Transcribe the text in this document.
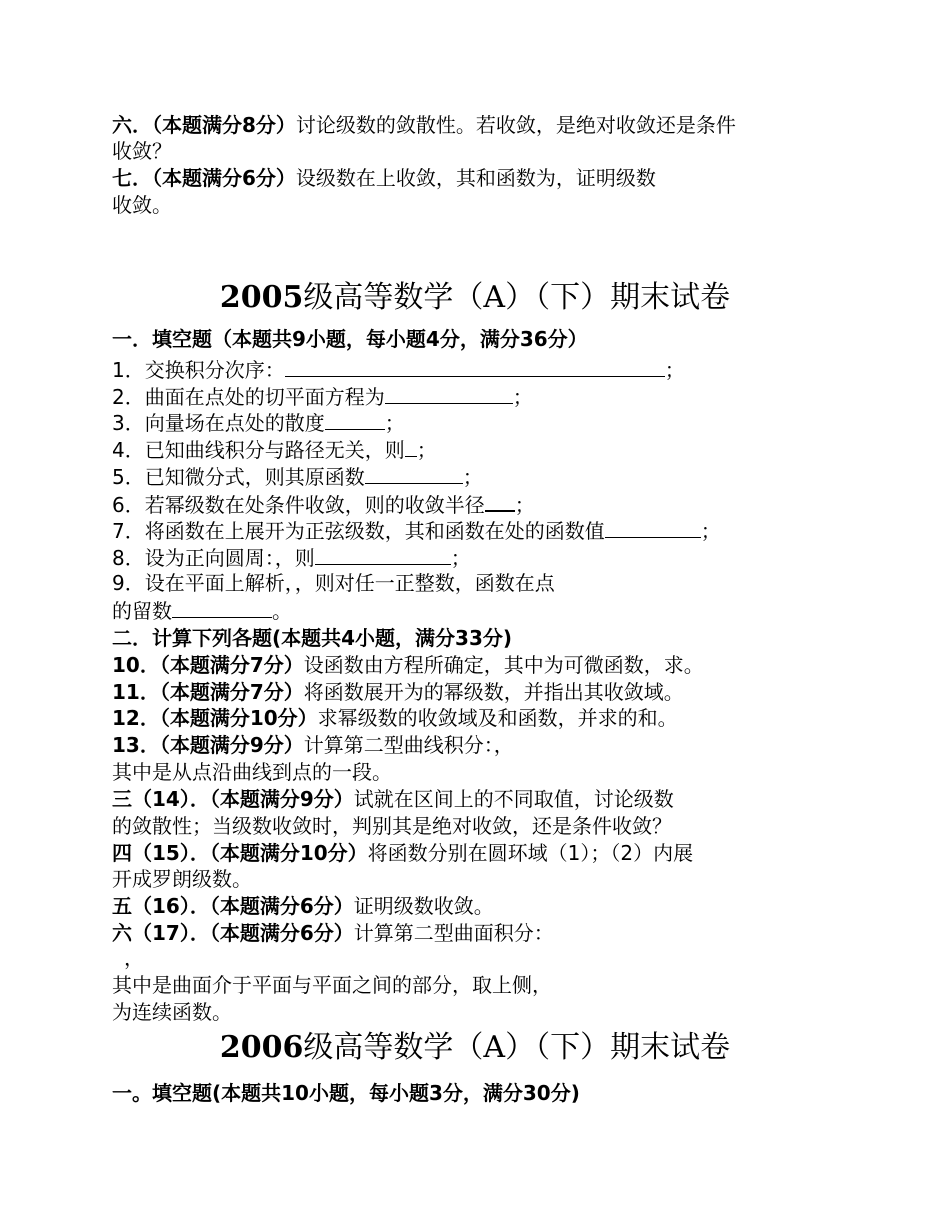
六．（本题满分8分）讨论级数的敛散性。若收敛，是绝对收敛还是条件
收敛？
七．（本题满分6分）设级数在上收敛，其和函数为，证明级数
收敛。
2005级高等数学（A）（下）期末试卷
一．填空题（本题共9小题，每小题4分，满分36分）
1．交换积分次序：	；
2．曲面在点处的切平面方程为	；
3．向量场在点处的散度	；
4．已知曲线积分与路径无关，则 ；
5．已知微分式，则其原函数	；
6．若幂级数在处条件收敛，则的收敛半径 ；
7．将函数在上展开为正弦级数，其和函数在处的函数值	；
8．设为正向圆周：，则	；
9．设在平面上解析，，则对任一正整数，函数在点
的留数	。
二．计算下列各题(本题共4小题，满分33分)
10．（本题满分7分）设函数由方程所确定，其中为可微函数，求。
11．（本题满分7分）将函数展开为的幂级数，并指出其收敛域。
12．（本题满分10分）求幂级数的收敛域及和函数，并求的和。
13．（本题满分9分）计算第二型曲线积分：，
其中是从点沿曲线到点的一段。
三（14）．（本题满分9分）试就在区间上的不同取值，讨论级数
的敛散性；当级数收敛时，判别其是绝对收敛，还是条件收敛？
四（15）．（本题满分10分）将函数分别在圆环域（1）；（2）内展
开成罗朗级数。
五（16）．（本题满分6分）证明级数收敛。
六（17）．（本题满分6分）计算第二型曲面积分：
，
其中是曲面介于平面与平面之间的部分，取上侧，
为连续函数。
2006级高等数学（A）（下）期末试卷
一。填空题(本题共10小题，每小题3分，满分30分)
